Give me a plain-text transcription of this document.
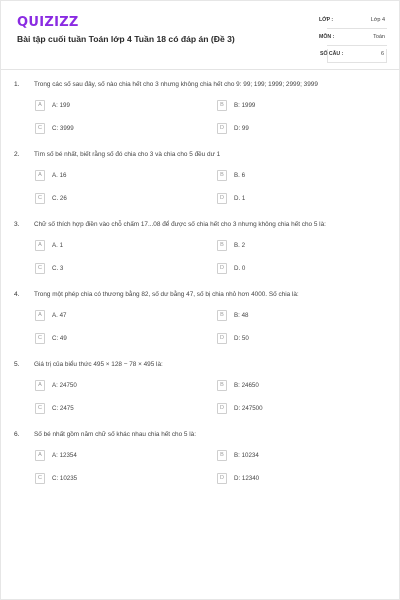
QUIZIZZ
Bài tập cuối tuần Toán lớp 4 Tuần 18 có đáp án (Đề 3)
LỚP :	Lớp 4
MÔN :	Toán
SỐ CÂU :	6
1. Trong các số sau đây, số nào chia hết cho 3 nhưng không chia hết cho 9: 99; 199; 1999; 2999; 3999
A	A: 199	B	B: 1999
C	C: 3999	D	D: 99
2. Tìm số bé nhất, biết rằng số đó chia cho 3 và chia cho 5 đều dư 1
A	A. 16	B	B. 6
C	C. 26	D	D. 1
3. Chữ số thích hợp điền vào chỗ chấm 17...08 để được số chia hết cho 3 nhưng không chia hết cho 5 là:
A	A. 1	B	B. 2
C	C. 3	D	D. 0
4. Trong một phép chia có thương bằng 82, số dư bằng 47, số bị chia nhỏ hơn 4000. Số chia là:
A	A. 47	B	B: 48
C	C: 49	D	D: 50
5. Giá trị của biểu thức 495 × 128 − 78 × 495 là:
A	A: 24750	B	B: 24650
C	C: 2475	D	D: 247500
6. Số bé nhất gồm năm chữ số khác nhau chia hết cho 5 là:
A	A: 12354	B	B: 10234
C	C: 10235	D	D: 12340
